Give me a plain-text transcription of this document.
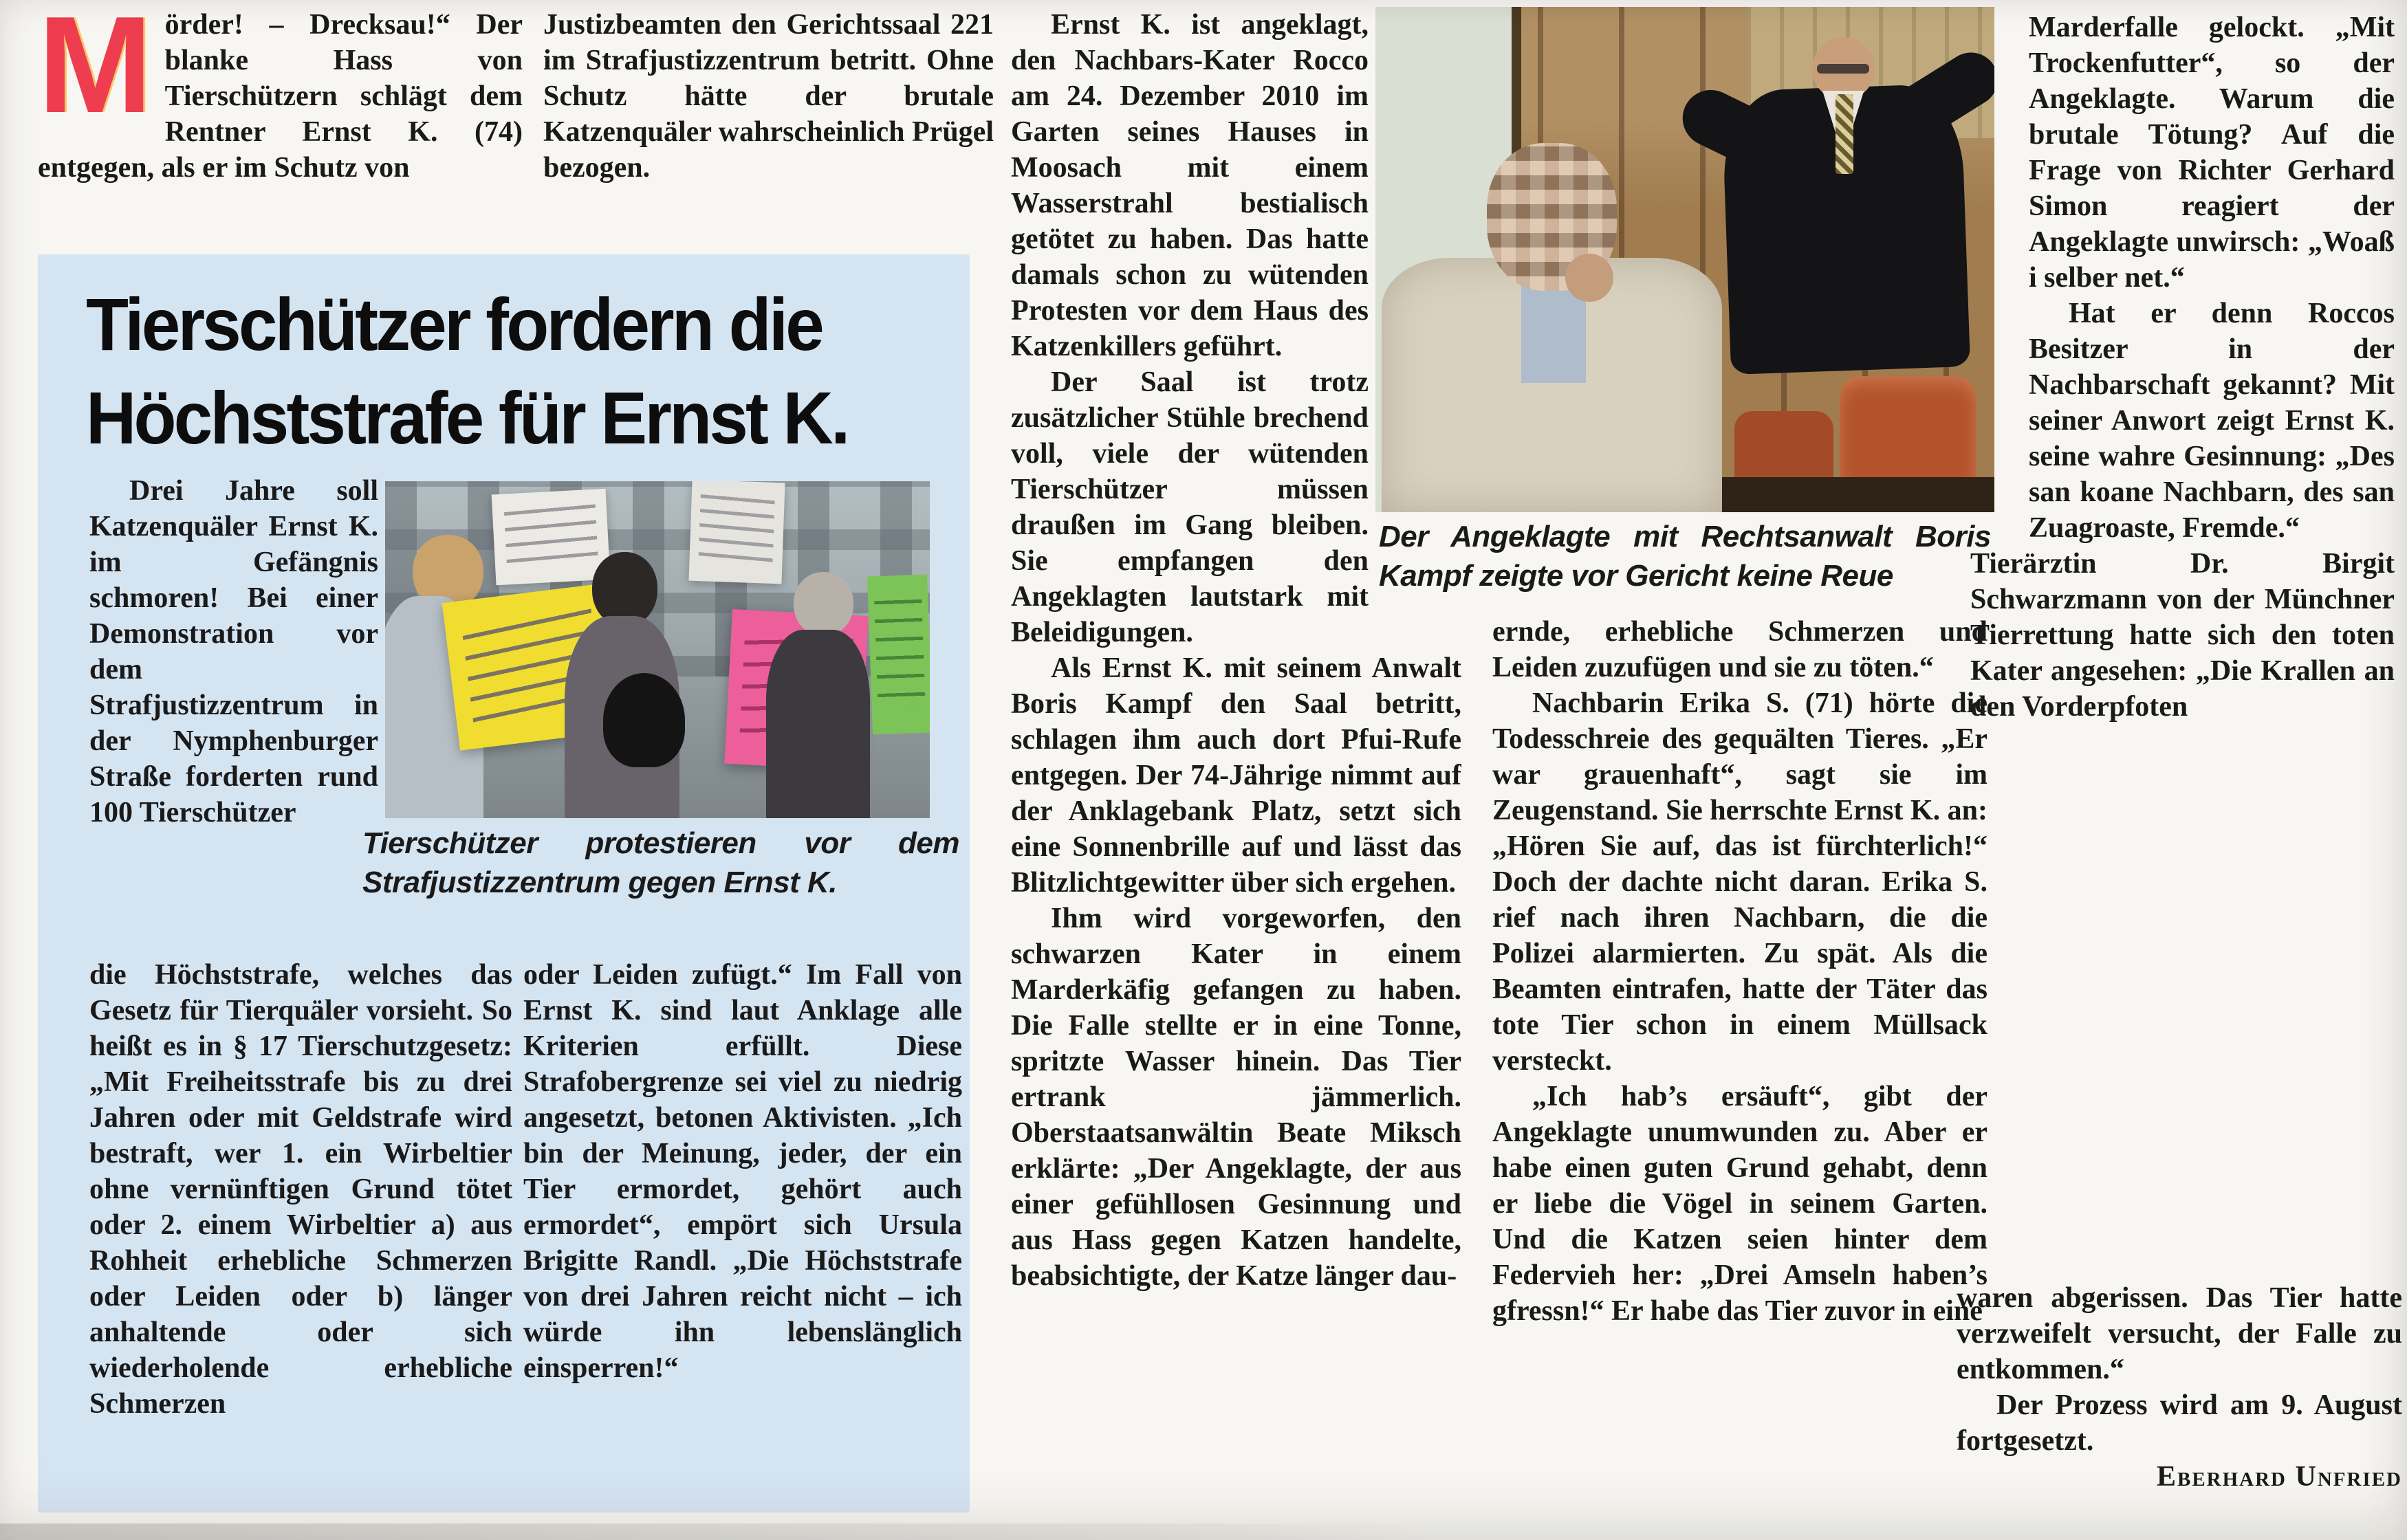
Mörder! – Drecksau!“ Der blanke Hass von Tierschützern schlägt dem Rentner Ernst K. (74) entgegen, als er im Schutz von
Justizbeamten den Gerichtssaal 221 im Strafjustizzentrum betritt. Ohne Schutz hätte der brutale Katzenquäler wahrscheinlich Prügel bezogen.
Tierschützer fordern die
Höchststrafe für Ernst K.

Drei Jahre soll Katzenquäler Ernst K. im Gefängnis schmoren! Bei einer Demonstration vor dem Strafjustizzentrum in der Nymphenburger Straße forderten rund 100 Tierschützer

Tierschützer protestieren vor dem Strafjustizzentrum gegen Ernst K.

die Höchststrafe, welches das Gesetz für Tierquäler vorsieht. So heißt es in § 17 Tierschutzgesetz: „Mit Freiheitsstrafe bis zu drei Jahren oder mit Geldstrafe wird bestraft, wer 1. ein Wirbeltier ohne vernünftigen Grund tötet oder 2. einem Wirbeltier a) aus Rohheit erhebliche Schmerzen oder Leiden oder b) länger anhaltende oder sich wiederholende erhebliche Schmerzen

oder Leiden zufügt.“ Im Fall von Ernst K. sind laut Anklage alle Kriterien erfüllt. Diese Strafobergrenze sei viel zu niedrig angesetzt, betonen Aktivisten. „Ich bin der Meinung, jeder, der ein Tier ermordet, gehört auch ermordet“, empört sich Ursula Brigitte Randl. „Die Höchststrafe von drei Jahren reicht nicht – ich würde ihn lebenslänglich einsperren!“

Ernst K. ist angeklagt, den Nachbars-Kater Rocco am 24. Dezember 2010 im Garten seines Hauses in Moosach mit einem Wasserstrahl bestialisch getötet zu haben. Das hatte damals schon zu wütenden Protesten vor dem Haus des Katzenkillers geführt.

Der Saal ist trotz zusätzlicher Stühle brechend voll, viele der wütenden Tierschützer müssen draußen im Gang bleiben. Sie empfangen den Angeklagten lautstark mit Beleidigungen.

Als Ernst K. mit seinem Anwalt Boris Kampf den Saal betritt, schlagen ihm auch dort Pfui-Rufe entgegen. Der 74-Jährige nimmt auf der Anklagebank Platz, setzt sich eine Sonnenbrille auf und lässt das Blitzlichtgewitter über sich ergehen.

Ihm wird vorgeworfen, den schwarzen Kater in einem Marderkäfig gefangen zu haben. Die Falle stellte er in eine Tonne, spritzte Wasser hinein. Das Tier ertrank jämmerlich. Oberstaatsanwältin Beate Miksch erklärte: „Der Angeklagte, der aus einer gefühllosen Gesinnung und aus Hass gegen Katzen handelte, beabsichtigte, der Katze länger dau-

Der Angeklagte mit Rechtsanwalt Boris Kampf zeigte vor Gericht keine Reue

ernde, erhebliche Schmerzen und Leiden zuzufügen und sie zu töten.“

Nachbarin Erika S. (71) hörte die Todesschreie des gequälten Tieres. „Er war grauenhaft“, sagt sie im Zeugenstand. Sie herrschte Ernst K. an: „Hören Sie auf, das ist fürchterlich!“ Doch der dachte nicht daran. Erika S. rief nach ihren Nachbarn, die die Polizei alarmierten. Zu spät. Als die Beamten eintrafen, hatte der Täter das tote Tier schon in einem Müllsack versteckt.

„Ich hab’s ersäuft“, gibt der Angeklagte unumwunden zu. Aber er habe einen guten Grund gehabt, denn er liebe die Vögel in seinem Garten. Und die Katzen seien hinter dem Federvieh her: „Drei Amseln haben’s gfressn!“ Er habe das Tier zuvor in eine

Marderfalle gelockt. „Mit Trockenfutter“, so der Angeklagte. Warum die brutale Tötung? Auf die Frage von Richter Gerhard Simon reagiert der Angeklagte unwirsch: „Woaß i selber net.“

Hat er denn Roccos Besitzer in der Nachbarschaft gekannt? Mit seiner Anwort zeigt Ernst K. seine wahre Gesinnung: „Des san koane Nachbarn, des san Zuagroaste, Fremde.“

Tierärztin Dr. Birgit Schwarzmann von der Münchner Tierrettung hatte sich den toten Kater angesehen: „Die Krallen an den Vorderpfoten

waren abgerissen. Das Tier hatte verzweifelt versucht, der Falle zu entkommen.“

Der Prozess wird am 9. August fortgesetzt.

Eberhard Unfried
